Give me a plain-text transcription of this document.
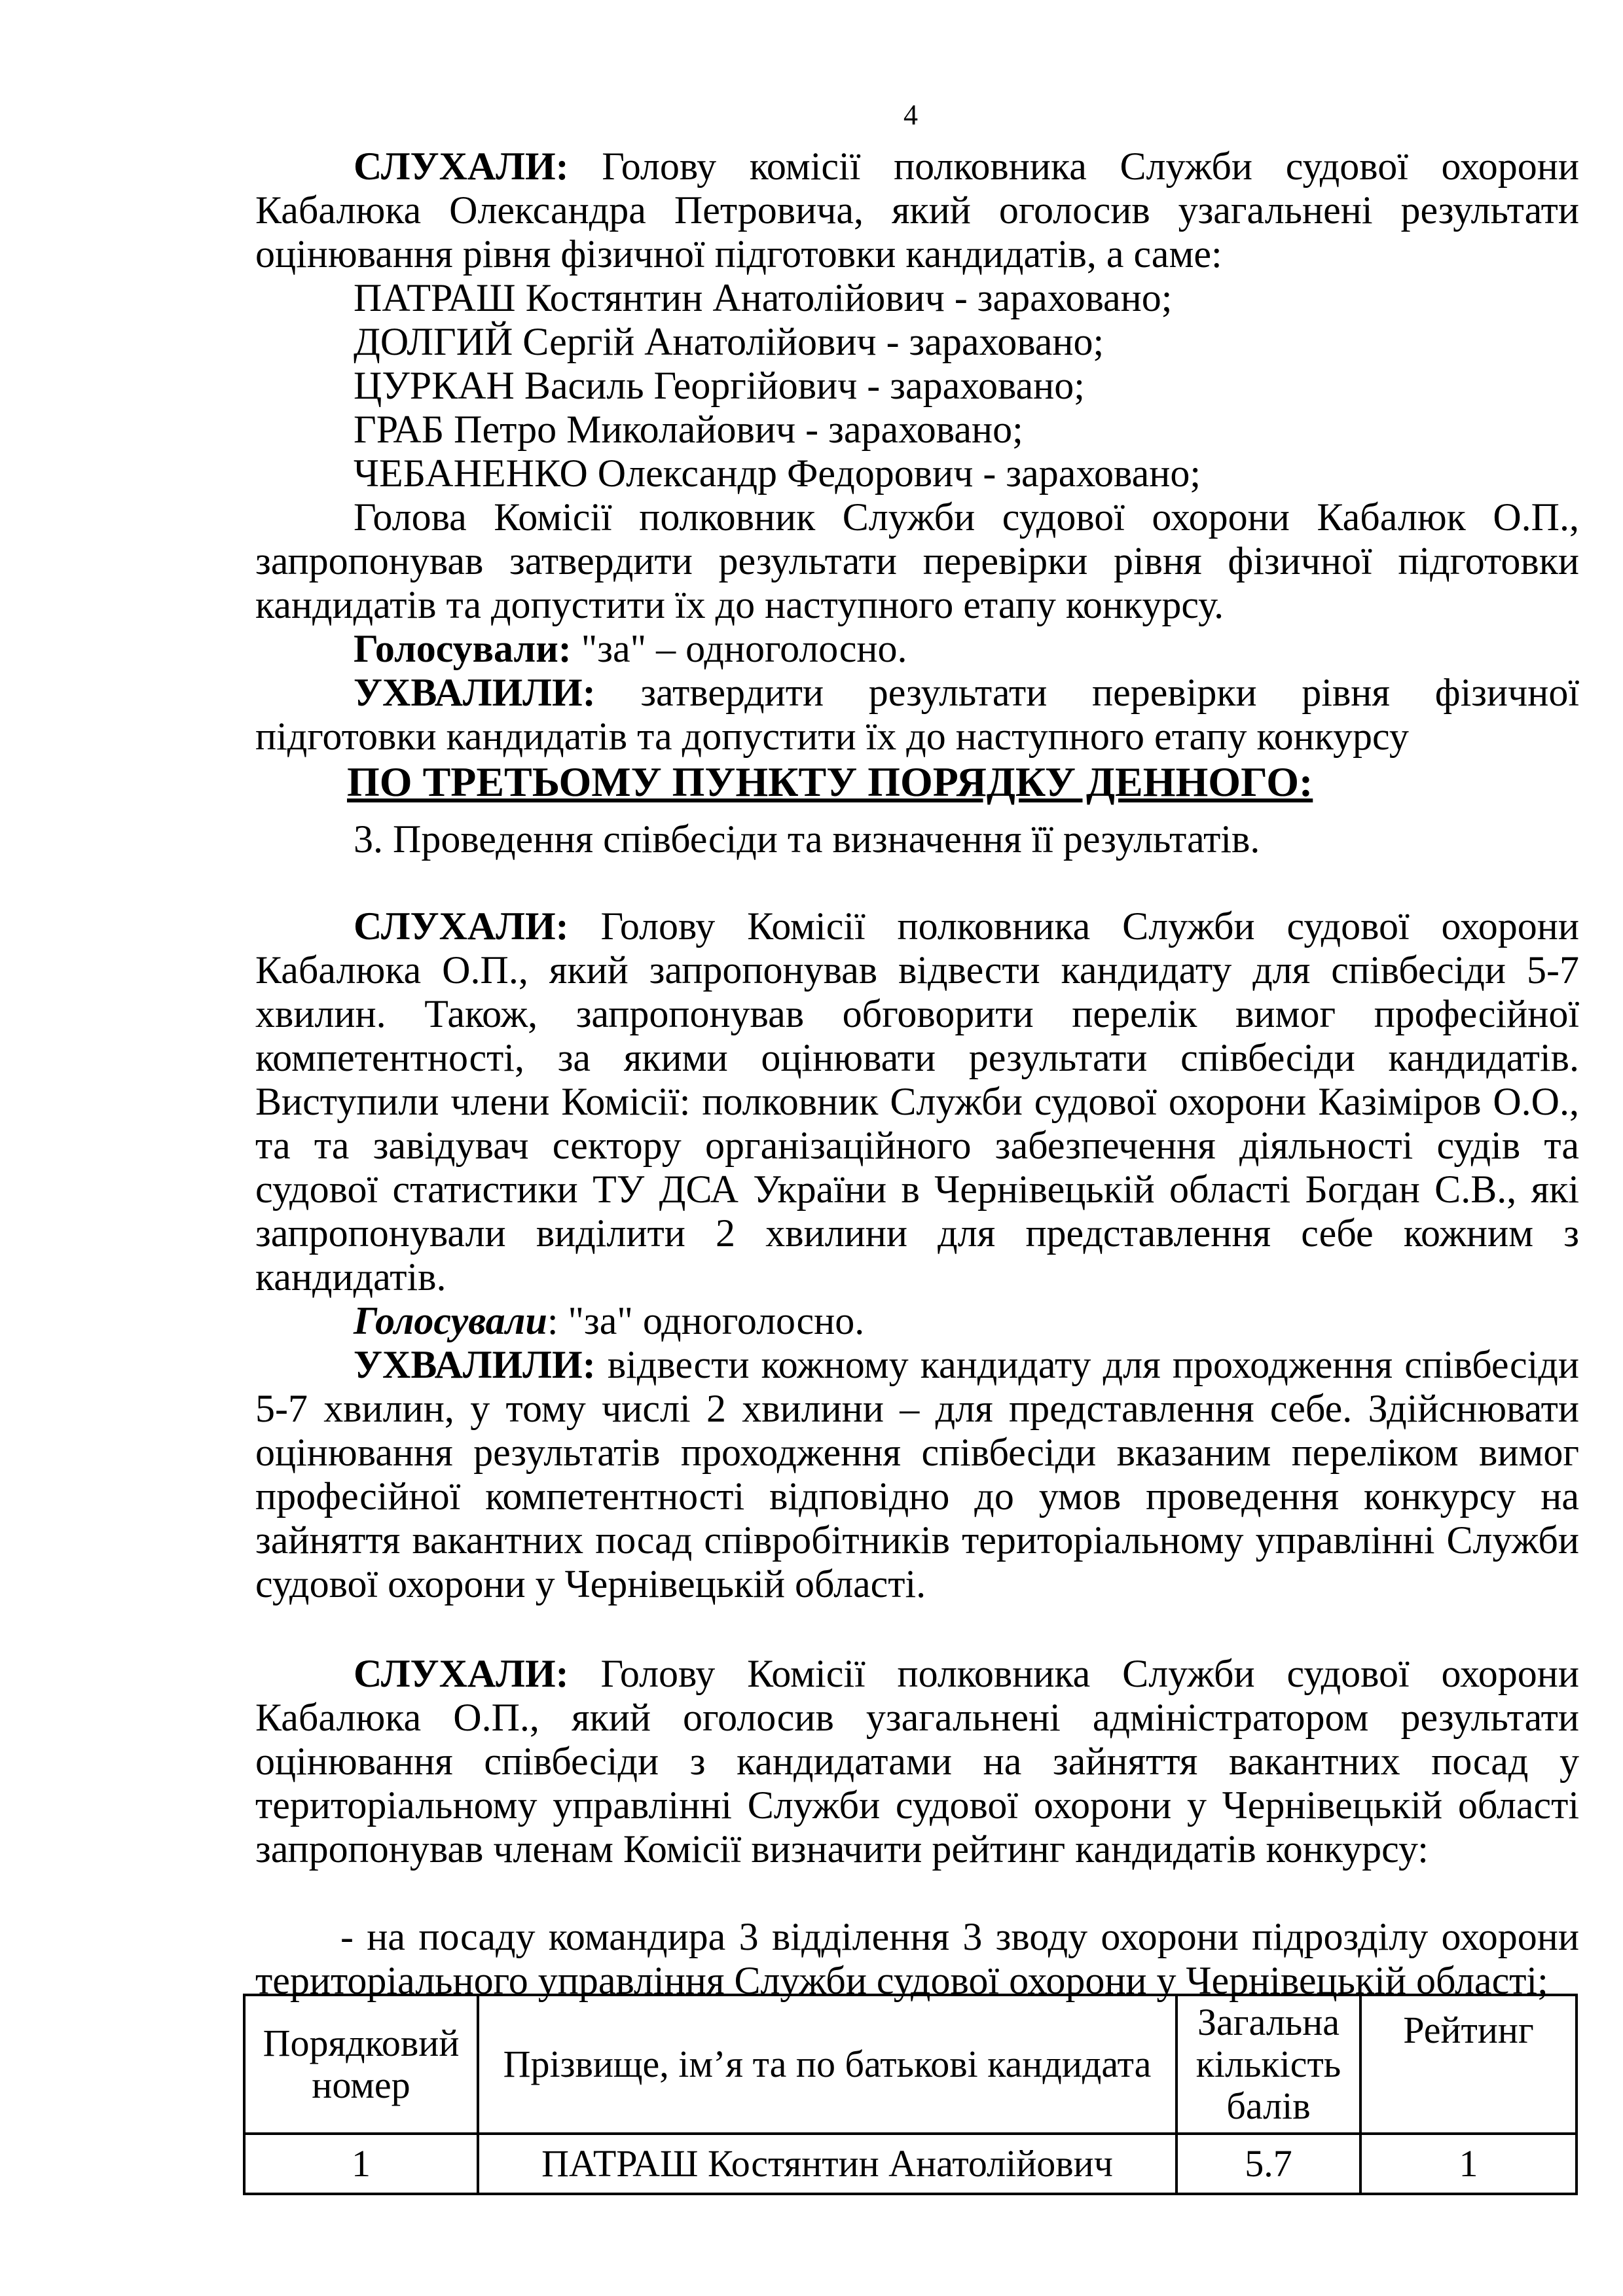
4

СЛУХАЛИ: Голову комісії полковника Служби судової охорони Кабалюка Олександра Петровича, який оголосив узагальнені результати оцінювання рівня фізичної підготовки кандидатів, а саме:

ПАТРАШ Костянтин Анатолійович - зараховано;

ДОЛГИЙ Сергій Анатолійович - зараховано;

ЦУРКАН Василь Георгійович - зараховано;

ГРАБ Петро Миколайович - зараховано;

ЧЕБАНЕНКО Олександр Федорович - зараховано;

Голова Комісії полковник Служби судової охорони Кабалюк О.П., запропонував затвердити результати перевірки рівня фізичної підготовки кандидатів та допустити їх до наступного етапу конкурсу.

Голосували: "за" – одноголосно.

УХВАЛИЛИ: затвердити результати перевірки рівня фізичної підготовки кандидатів та допустити їх до наступного етапу конкурсу

ПО ТРЕТЬОМУ ПУНКТУ ПОРЯДКУ ДЕННОГО:

3. Проведення співбесіди та визначення її результатів.

СЛУХАЛИ: Голову Комісії полковника Служби судової охорони Кабалюка О.П., який запропонував відвести кандидату для співбесіди 5-7 хвилин. Також, запропонував обговорити перелік вимог професійної компетентності, за якими оцінювати результати співбесіди кандидатів. Виступили члени Комісії: полковник Служби судової охорони Казіміров О.О., та та завідувач сектору організаційного забезпечення діяльності судів та судової статистики ТУ ДСА України в Чернівецькій області Богдан С.В., які запропонували виділити 2 хвилини для представлення себе кожним з кандидатів.

Голосували: "за" одноголосно.

УХВАЛИЛИ: відвести кожному кандидату для проходження співбесіди 5-7 хвилин, у тому числі 2 хвилини – для представлення себе. Здійснювати оцінювання результатів проходження співбесіди вказаним переліком вимог професійної компетентності відповідно до умов проведення конкурсу на зайняття вакантних посад співробітників територіальному управлінні Служби судової охорони у Чернівецькій області.

СЛУХАЛИ: Голову Комісії полковника Служби судової охорони Кабалюка О.П., який оголосив узагальнені адміністратором результати оцінювання співбесіди з кандидатами на зайняття вакантних посад у територіальному управлінні Служби судової охорони у Чернівецькій області запропонував членам Комісії визначити рейтинг кандидатів конкурсу:

- на посаду командира 3 відділення 3 зводу охорони підрозділу охорони територіального управління Служби судової охорони у Чернівецькій області;

Порядковий номер	Прізвище, ім’я та по батькові кандидата	Загальна кількість балів	Рейтинг
1	ПАТРАШ Костянтин Анатолійович	5.7	1
